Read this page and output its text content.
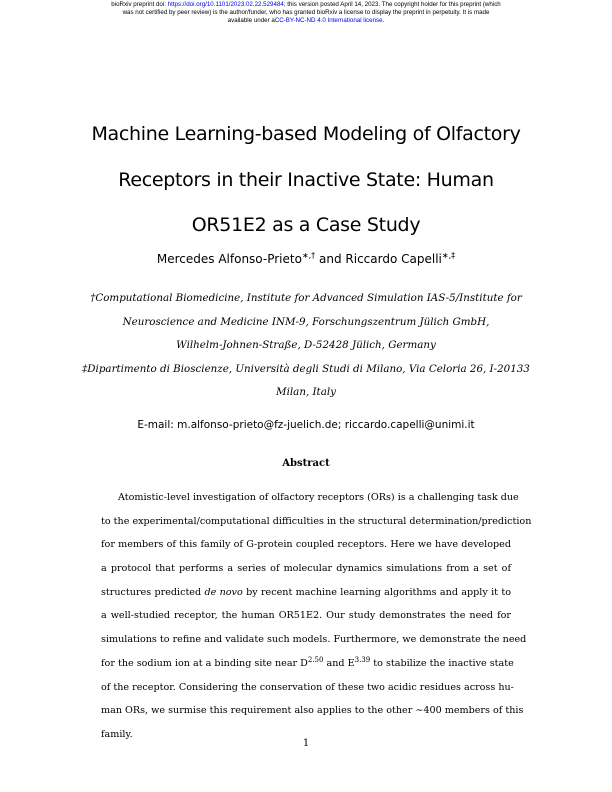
bioRxiv preprint doi: https://doi.org/10.1101/2023.02.22.529484; this version posted April 14, 2023. The copyright holder for this preprint (which
was not certified by peer review) is the author/funder, who has granted bioRxiv a license to display the preprint in perpetuity. It is made
available under aCC-BY-NC-ND 4.0 International license.
Machine Learning-based Modeling of Olfactory
Receptors in their Inactive State: Human
OR51E2 as a Case Study
Mercedes Alfonso-Prieto∗,† and Riccardo Capelli∗,‡
†Computational Biomedicine, Institute for Advanced Simulation IAS-5/Institute for
Neuroscience and Medicine INM-9, Forschungszentrum Jülich GmbH,
Wilhelm-Johnen-Straße, D-52428 Jülich, Germany
‡Dipartimento di Bioscienze, Università degli Studi di Milano, Via Celoria 26, I-20133
Milan, Italy
E-mail: m.alfonso-prieto@fz-juelich.de; riccardo.capelli@unimi.it
Abstract
Atomistic-level investigation of olfactory receptors (ORs) is a challenging task due
to the experimental/computational difficulties in the structural determination/prediction
for members of this family of G-protein coupled receptors. Here we have developed
a protocol that performs a series of molecular dynamics simulations from a set of
structures predicted de novo by recent machine learning algorithms and apply it to
a well-studied receptor, the human OR51E2. Our study demonstrates the need for
simulations to refine and validate such models. Furthermore, we demonstrate the need
for the sodium ion at a binding site near $D^{2.50}$ and $E^{3.39}$ to stabilize the inactive state
of the receptor. Considering the conservation of these two acidic residues across hu-
man ORs, we surmise this requirement also applies to the other ∼400 members of this
family.
1
